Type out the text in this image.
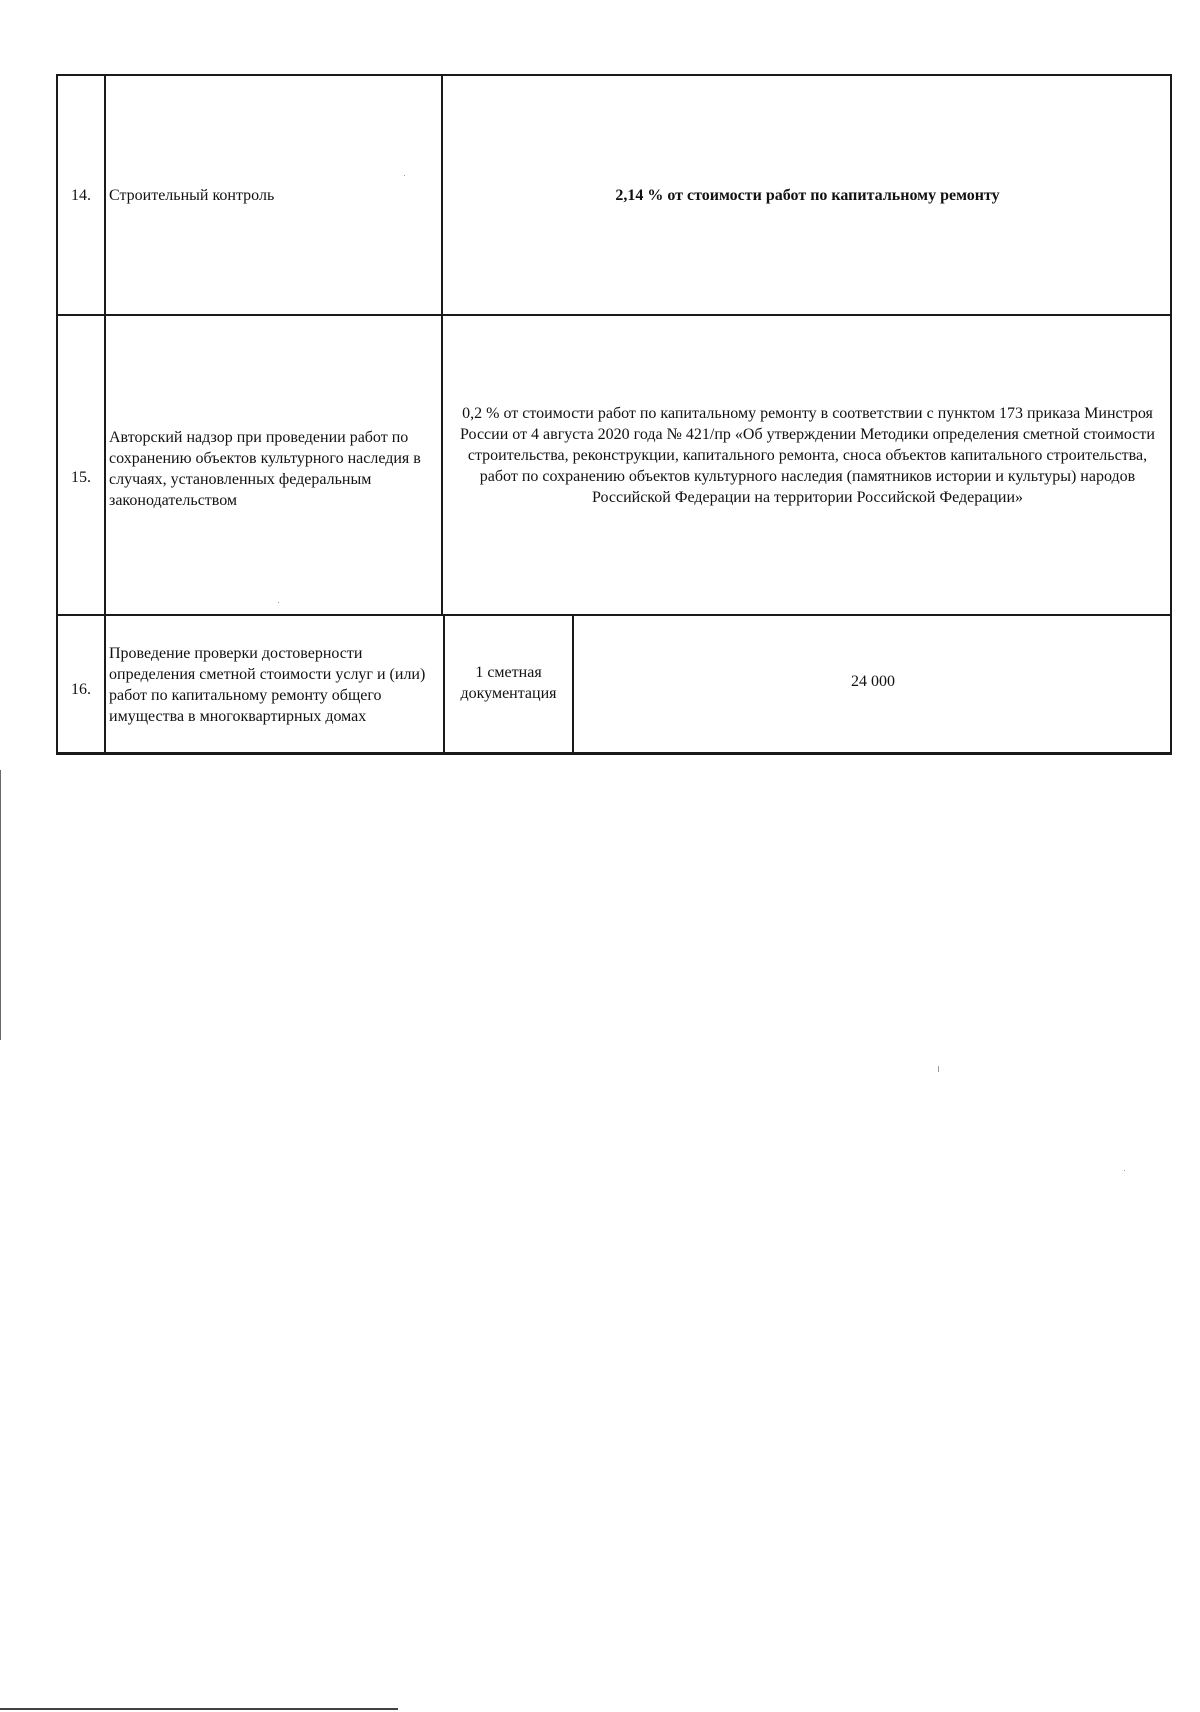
14. Строительный контроль	2,14 % от стоимости работ по капитальному ремонту
15.
Авторский надзор при проведении работ по сохранению объектов культурного наследия в случаях, установленных федеральным законодательством
0,2 % от стоимости работ по капитальному ремонту в соответствии с пунктом 173 приказа Минстроя России от 4 августа 2020 года № 421/пр «Об утверждении Методики определения сметной стоимости строительства, реконструкции, капитального ремонта, сноса объектов капитального строительства, работ по сохранению объектов культурного наследия (памятников истории и культуры) народов Российской Федерации на территории Российской Федерации»
16.
Проведение проверки достоверности определения сметной стоимости услуг и (или) работ по капитальному ремонту общего имущества в многоквартирных домах
1 сметная документация
24 000
